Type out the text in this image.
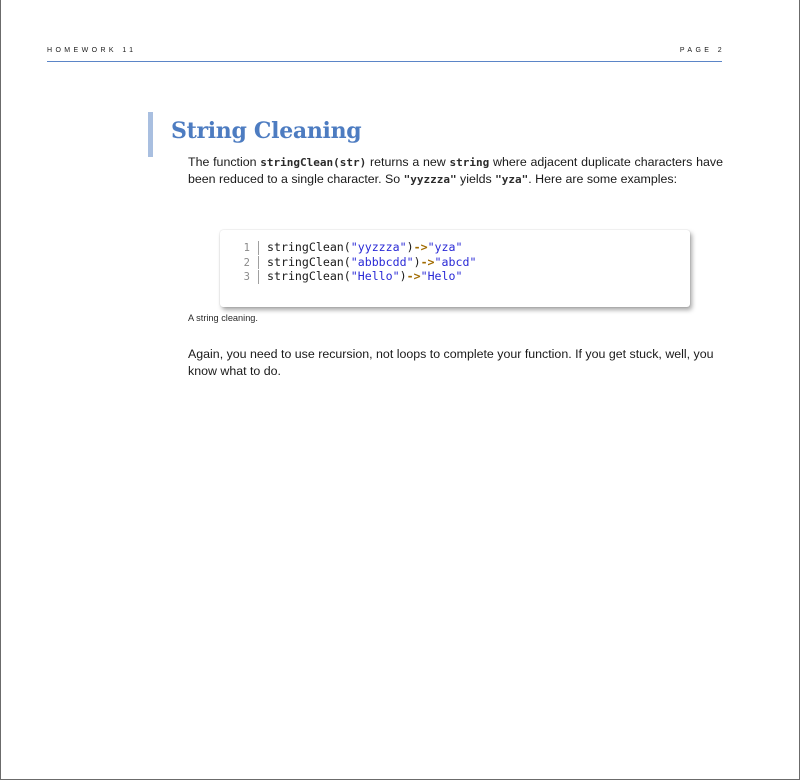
HOMEWORK 11	PAGE 2
String Cleaning

The function stringClean(str) returns a new string where adjacent duplicate characters have been reduced to a single character. So "yyzzza" yields "yza". Here are some examples:

1	stringClean( "yyzzza" ) -> "yza"
2	stringClean( "abbbcdd" ) -> "abcd"
3	stringClean( "Hello" ) -> "Helo"

A string cleaning.

Again, you need to use recursion, not loops to complete your function. If you get stuck, well, you know what to do.
